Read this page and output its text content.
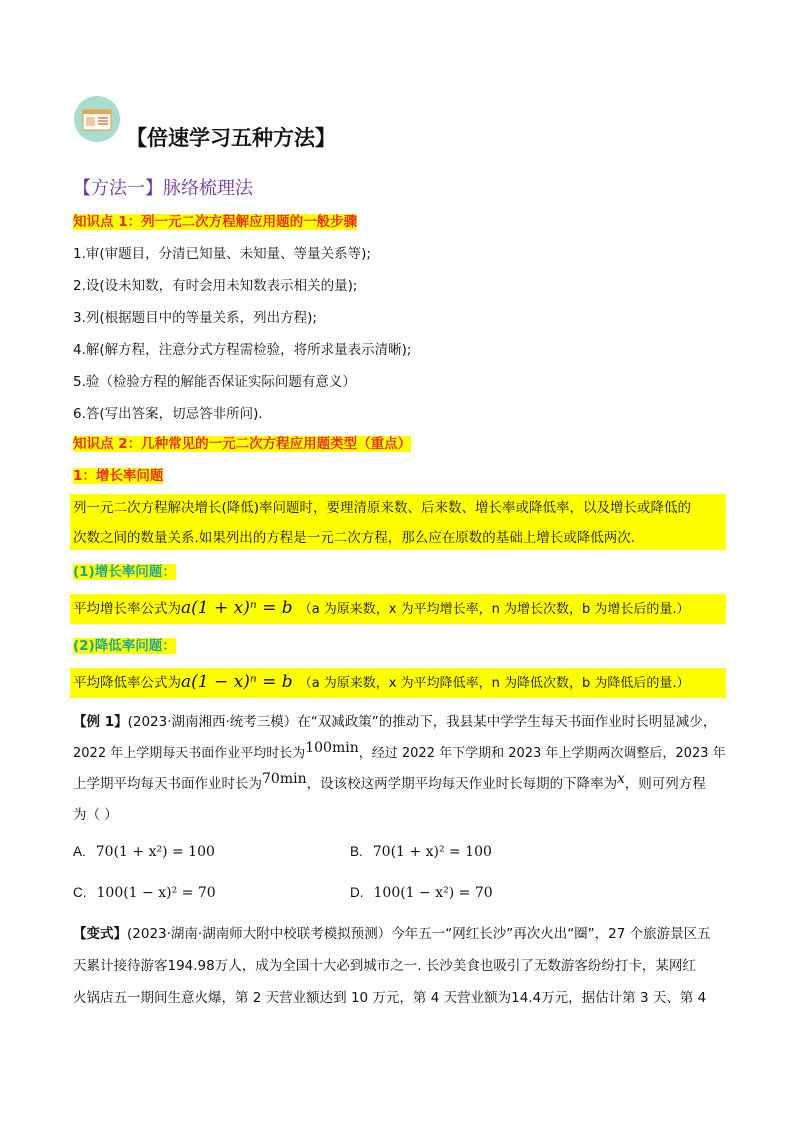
【倍速学习五种方法】
【方法一】脉络梳理法
知识点 1：列一元二次方程解应用题的一般步骤
1.审(审题目，分清已知量、未知量、等量关系等);
2.设(设未知数，有时会用未知数表示相关的量);
3.列(根据题目中的等量关系，列出方程);
4.解(解方程，注意分式方程需检验，将所求量表示清晰);
5.验（检验方程的解能否保证实际问题有意义）
6.答(写出答案，切忌答非所问).
知识点 2：几种常见的一元二次方程应用题类型（重点）
1：增长率问题
列一元二次方程解决增长(降低)率问题时，要理清原来数、后来数、增长率或降低率，以及增长或降低的
次数之间的数量关系.如果列出的方程是一元二次方程，那么应在原数的基础上增长或降低两次.
(1)增长率问题：
平均增长率公式为a(1 + x)ⁿ = b （a 为原来数，x 为平均增长率，n 为增长次数，b 为增长后的量.）
(2)降低率问题：
平均降低率公式为a(1 − x)ⁿ = b （a 为原来数，x 为平均降低率，n 为降低次数，b 为降低后的量.）
【例 1】(2023·湖南湘西·统考三模）在“双减政策”的推动下，我县某中学学生每天书面作业时长明显减少，
2022 年上学期每天书面作业平均时长为100min，经过 2022 年下学期和 2023 年上学期两次调整后，2023 年
上学期平均每天书面作业时长为70min，设该校这两学期平均每天作业时长每期的下降率为x，则可列方程
为（ ）
A. 70(1 + x²) = 100	B. 70(1 + x)² = 100
C. 100(1 − x)² = 70	D. 100(1 − x²) = 70
【变式】(2023·湖南·湖南师大附中校联考模拟预测）今年五一“网红长沙”再次火出“圈”，27 个旅游景区五
天累计接待游客194.98万人，成为全国十大必到城市之一. 长沙美食也吸引了无数游客纷纷打卡，某网红
火锅店五一期间生意火爆，第 2 天营业额达到 10 万元，第 4 天营业额为14.4万元，据估计第 3 天、第 4
